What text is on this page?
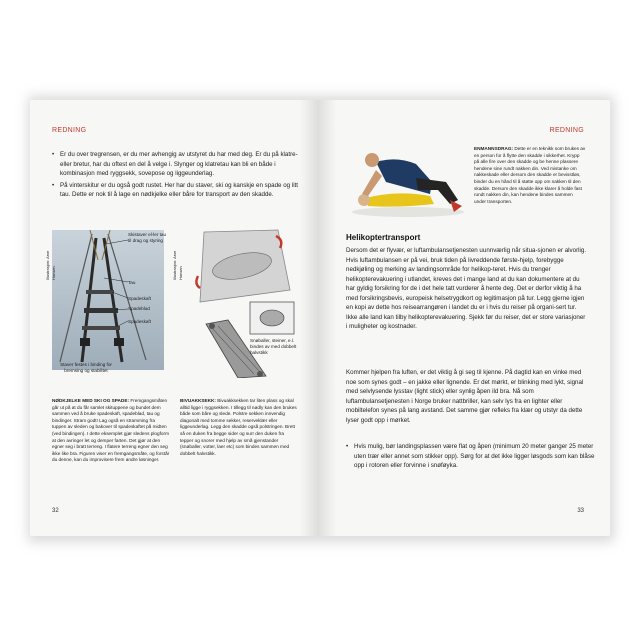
REDNING
• Er du over tregrensen, er du mer avhengig av utstyret du har med deg. Er du på klatre- eller bretur, har du oftest en del å velge i. Slynger og klatretau kan bli en både i kombinasjon med ryggsekk, sovepose og liggeunderlag.
• På vinterskitur er du også godt rustet. Her har du staver, ski og kanskje en spade og litt tau. Dette er nok til å lage en nødkjelke eller båre for transport av den skadde.
Illustrasjon: Arve Hansen
Skistaver el-ler tau til drag og styring
Tau
Spadeskaft
Spadeblad
Spadeskaft
Staver festes i binding for bremsing og stabilitet
Illustrasjon: Arve Hansen
Snøballer, steiner, e.l. bindes av med dobbelt halvstikk
NØDKJELKE MED SKI OG SPADE: Fremgangsmåten går ut på at du får samlet skituppene og bundet dem sammen ved å bruke spadeskaft, spadeblad, tau og bindinger. Stram godt! Lag også en stramming fra tuppen av sleden og bakover til spadeskaftet på midten (ved bindingen). I dette eksemplet gjør sledens plogform at den avringer let og demper farten. Det gjør at den egner seg i bratt terreng. I flatere terreng egner den seg ikke like bra. Figuren viser en fremgangsmåte, og forstår du denne, kan du improvisere frem andre løsninger.
BIVUAKKSEKK: Bivuakksekken tar liten plass og skal alltid ligge i ryggsekken. I tillegg til nødly kan den brukes både som båre og slede. Polstre sekken innvendig diagonalt med tomme sekker, reserveklær eller liggeunderlag. Legg den skadde også polstringen. Brett så en duken fra begge sider og surr den duken fra tepper og snorer med hjelp av små gjenstander (snøballer, votter, laer etc) som bindes sammen med dobbelt halvstikk.
32
REDNING
ENMANNSDRAG: Dette er en teknikk som brukes av en person for å flytte den skadde i sikkerhet. Krypp på alle fire over den skadde og be henne plassere hendene sine rundt nakken din. Ved mistanke om nakkeskade eller dersom den skadde er bevisstløs, binder du en hånd til å støtte opp om nakken til den skadde. Dersom den skadde ikke klarer å holde fast rundt nakken din, kan hendene bindes sammen under transporten.
Helikoptertransport

Dersom det er flyvær, er luftambulansetjenesten uunnværlig når situa-sjonen er alvorlig. Hvis luftambulansen er på vei, bruk tiden på livreddende første-hjelp, forebygge nedkjøling og merking av landingsområde for helikop-teret. Hvis du trenger helikopterevakuering i utlandet, kreves det i mange land at du kan dokumentere at du har gyldig forsikring for de i det hele tatt vurderer å hente deg. Det er derfor viktig å ha med forsikringsbevis, europeisk helsetrygdkort og legitimasjon på tur. Legg gjerne igjen en kopi av dette hos reisearrangøren i landet du er i hvis du reiser på organi-sert tur. Ikke alle land kan tilby helikopterevakuering. Sjekk før du reiser, det er store variasjoner i muligheter og kostnader.

Kommer hjelpen fra luften, er det viktig å gi seg til kjenne. På dagtid kan en vinke med noe som synes godt – en jakke eller lignende. Er det mørkt, er blinking med lykt, signal med selvlysende lysstav (light stick) eller synlig åpen ild bra. Nå som luftambulansetjenesten i Norge bruker nattbriller, kan selv lys fra en lighter eller mobiltelefon synes på lang avstand. Det samme gjør refleks fra klær og utstyr da dette lyser godt opp i mørket.

• Hvis mulig, bør landingsplassen være flat og åpen (minimum 20 meter ganger 25 meter uten trær eller annet som stikker opp). Sørg for at det ikke ligger løsgods som kan blåse opp i rotoren eller forvinne i snøføyka.

33
